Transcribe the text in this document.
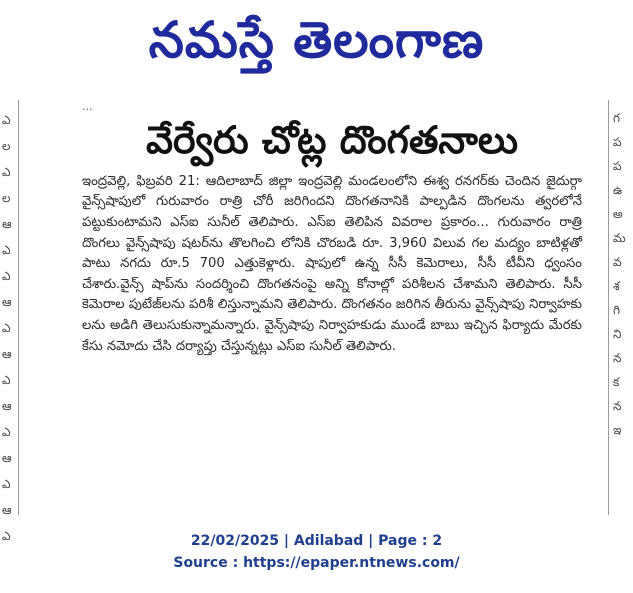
నమస్తే తెలంగాణ
ఎ
ల
ఎ
ల
ఆ
ఎ
ఎ
ఆ
ఎ
ఆ
ఎ
ఆ
ఎ
ఆ
ఎ
ఆ
ఎ
...
వేర్వేరు చోట్ల దొంగతనాలు

ఇంద్రవెల్లి, ఫిబ్రవరి 21: ఆదిలాబాద్ జిల్లా ఇంద్రవెల్లి మండలంలోని ఈశ్వ రనగర్‌కు చెందిన జైదుర్గా వైన్స్‌షాపులో గురువారం రాత్రి చోరీ జరిగిందని దొంగతనానికి పాల్పడిన దొంగలను త్వరలోనే పట్టుకుంటామని ఎస్ఐ సునీల్ తెలిపారు. ఎస్ఐ తెలిపిన వివరాల ప్రకారం... గురువారం రాత్రి దొంగలు వైన్స్‌షాపు షటర్‌ను తొలగించి లోనికి చొరబడి రూ. 3,960 విలువ గల మద్యం బాటిళ్లతో పాటు నగదు రూ.5 700 ఎత్తుకెళ్లారు. షాపులో ఉన్న సీసీ కెమెరాలు, సీసీ టీవీని ధ్వంసం చేశారు.వైన్స్ షాప్‌ను సందర్శించి దొంగతనంపై అన్ని కోనాల్లో పరిశీలన చేశామని తెలిపారు. సీసీ కెమెరాల పుటేజ్‌లను పరిశీ లిస్తున్నామని తెలిపారు. దొంగతనం జరిగిన తీరును వైన్స్‌షాపు నిర్వాహకు లను అడిగి తెలుసుకున్నామన్నారు. వైన్స్‌షాపు నిర్వాహకుడు ముండే బాబు ఇచ్చిన ఫిర్యాదు మేరకు కేసు నమోదు చేసి దర్యాప్తు చేస్తున్నట్లు ఎస్ఐ సునీల్ తెలిపారు.

గ
ప
ప
ఉ
అ
మ
వ
శ
గి
ని
న
క
న
ఇ
22/02/2025 | Adilabad | Page : 2
Source : https://epaper.ntnews.com/
